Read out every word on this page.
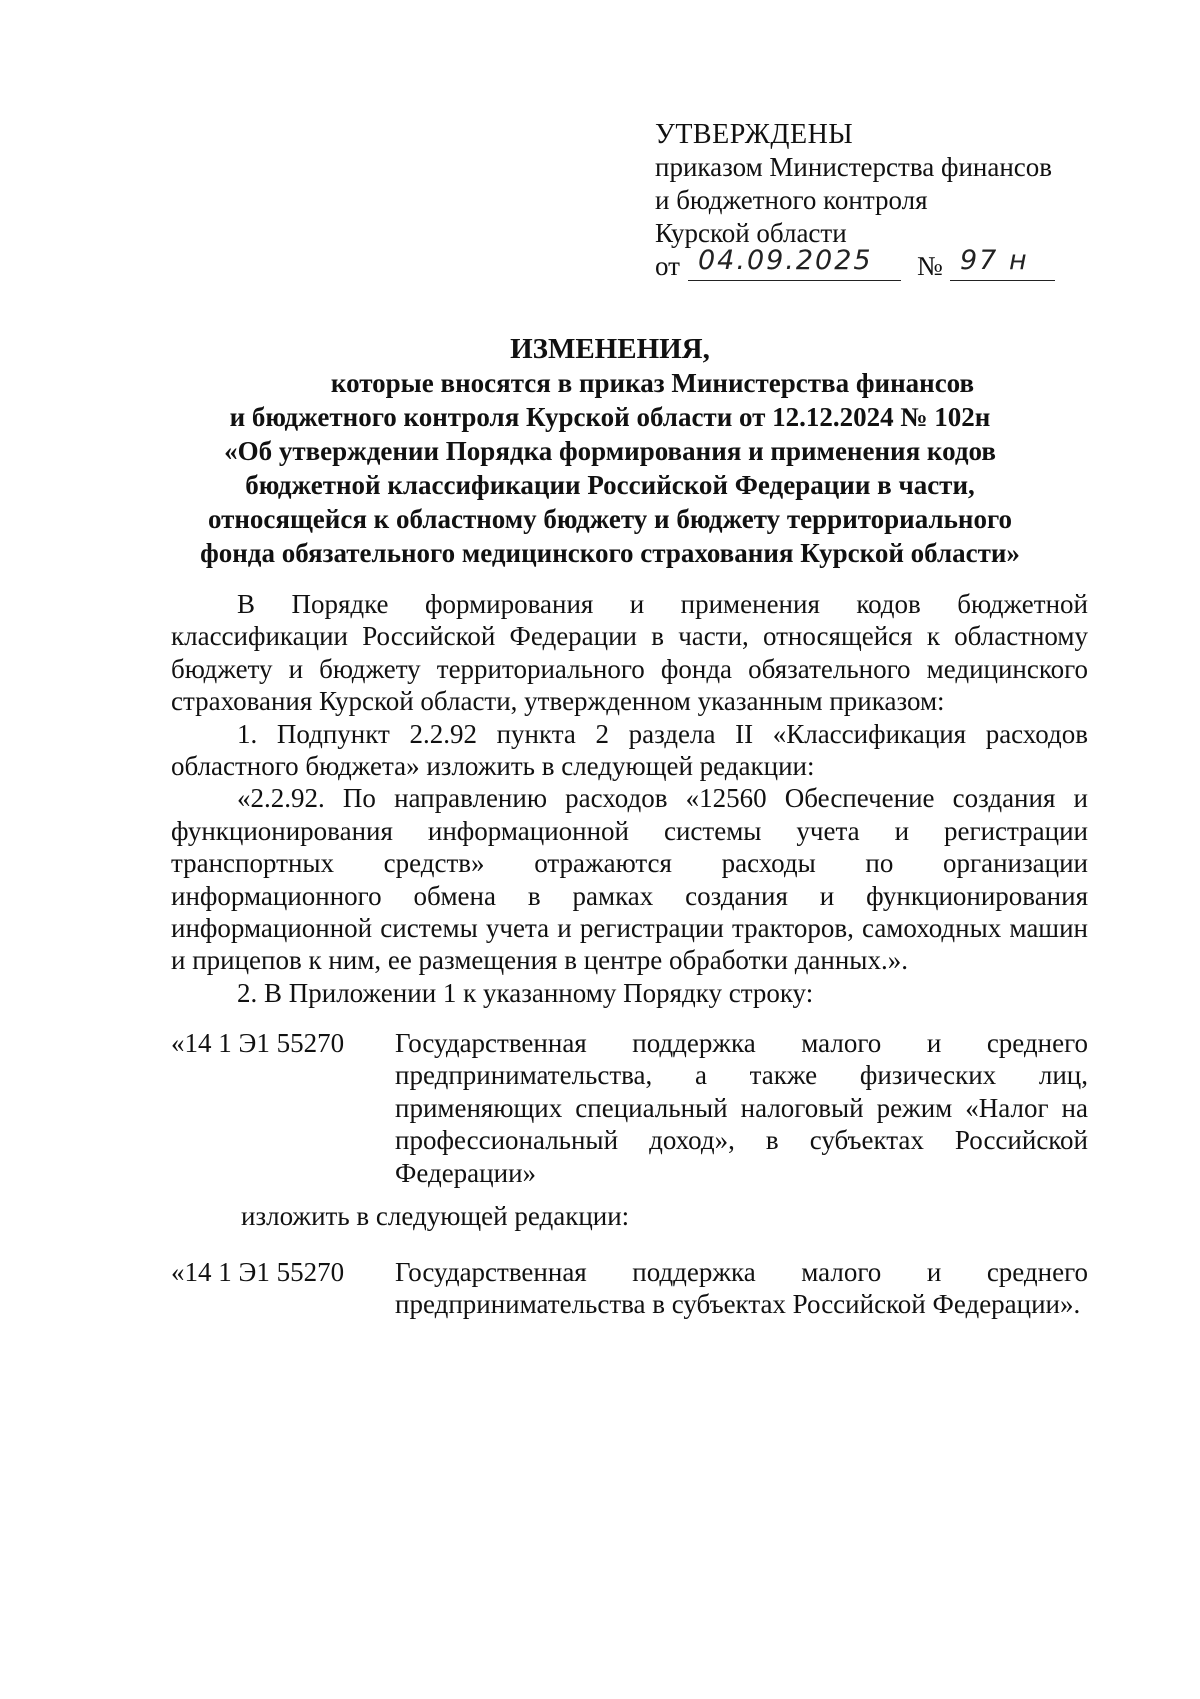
УТВЕРЖДЕНЫ
приказом Министерства финансов
и бюджетного контроля
Курской области
от 04.09.2025 № 97 н
ИЗМЕНЕНИЯ,
которые вносятся в приказ Министерства финансов
и бюджетного контроля Курской области от 12.12.2024 № 102н
«Об утверждении Порядка формирования и применения кодов
бюджетной классификации Российской Федерации в части,
относящейся к областному бюджету и бюджету территориального
фонда обязательного медицинского страхования Курской области»

В Порядке формирования и применения кодов бюджетной классификации Российской Федерации в части, относящейся к областному бюджету и бюджету территориального фонда обязательного медицинского страхования Курской области, утвержденном указанным приказом:

1. Подпункт 2.2.92 пункта 2 раздела II «Классификация расходов областного бюджета» изложить в следующей редакции:

«2.2.92. По направлению расходов «12560 Обеспечение создания и функционирования информационной системы учета и регистрации транспортных средств» отражаются расходы по организации информационного обмена в рамках создания и функционирования информационной системы учета и регистрации тракторов, самоходных машин и прицепов к ним, ее размещения в центре обработки данных.».

2. В Приложении 1 к указанному Порядку строку:

«14 1 Э1 55270 Государственная поддержка малого и среднего предпринимательства, а также физических лиц, применяющих специальный налоговый режим «Налог на профессиональный доход», в субъектах Российской Федерации»
изложить в следующей редакции:
«14 1 Э1 55270 Государственная поддержка малого и среднего предпринимательства в субъектах Российской Федерации».
